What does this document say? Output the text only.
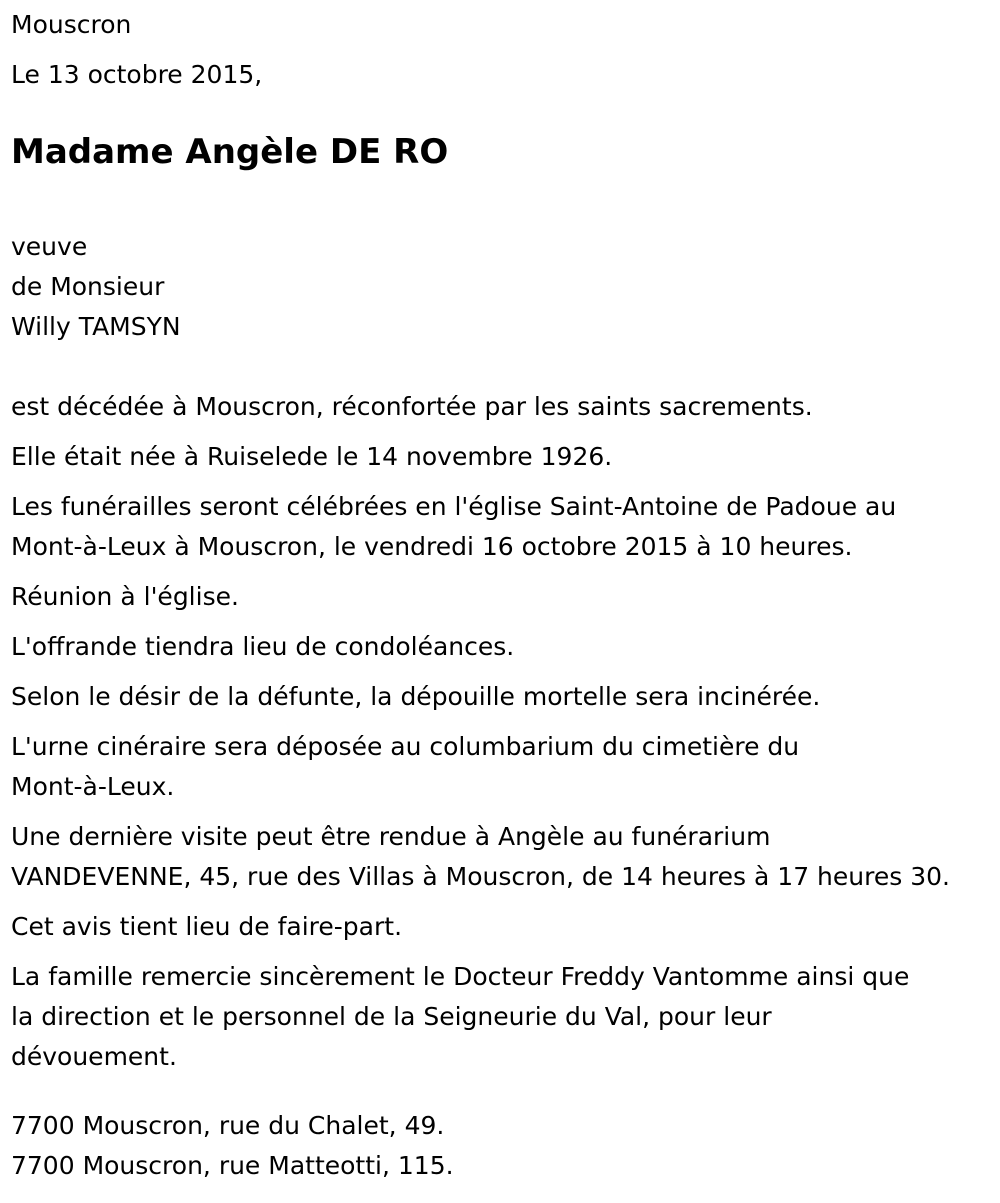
Mouscron
Le 13 octobre 2015,
Madame Angèle DE RO
veuve
de Monsieur
Willy TAMSYN
est décédée à Mouscron, réconfortée par les saints sacrements.
Elle était née à Ruiselede le 14 novembre 1926.
Les funérailles seront célébrées en l'église Saint-Antoine de Padoue au
Mont-à-Leux à Mouscron, le vendredi 16 octobre 2015 à 10 heures.
Réunion à l'église.
L'offrande tiendra lieu de condoléances.
Selon le désir de la défunte, la dépouille mortelle sera incinérée.
L'urne cinéraire sera déposée au columbarium du cimetière du
Mont-à-Leux.
Une dernière visite peut être rendue à Angèle au funérarium
VANDEVENNE, 45, rue des Villas à Mouscron, de 14 heures à 17 heures 30.
Cet avis tient lieu de faire-part.
La famille remercie sincèrement le Docteur Freddy Vantomme ainsi que
la direction et le personnel de la Seigneurie du Val, pour leur
dévouement.
7700 Mouscron, rue du Chalet, 49.
7700 Mouscron, rue Matteotti, 115.
